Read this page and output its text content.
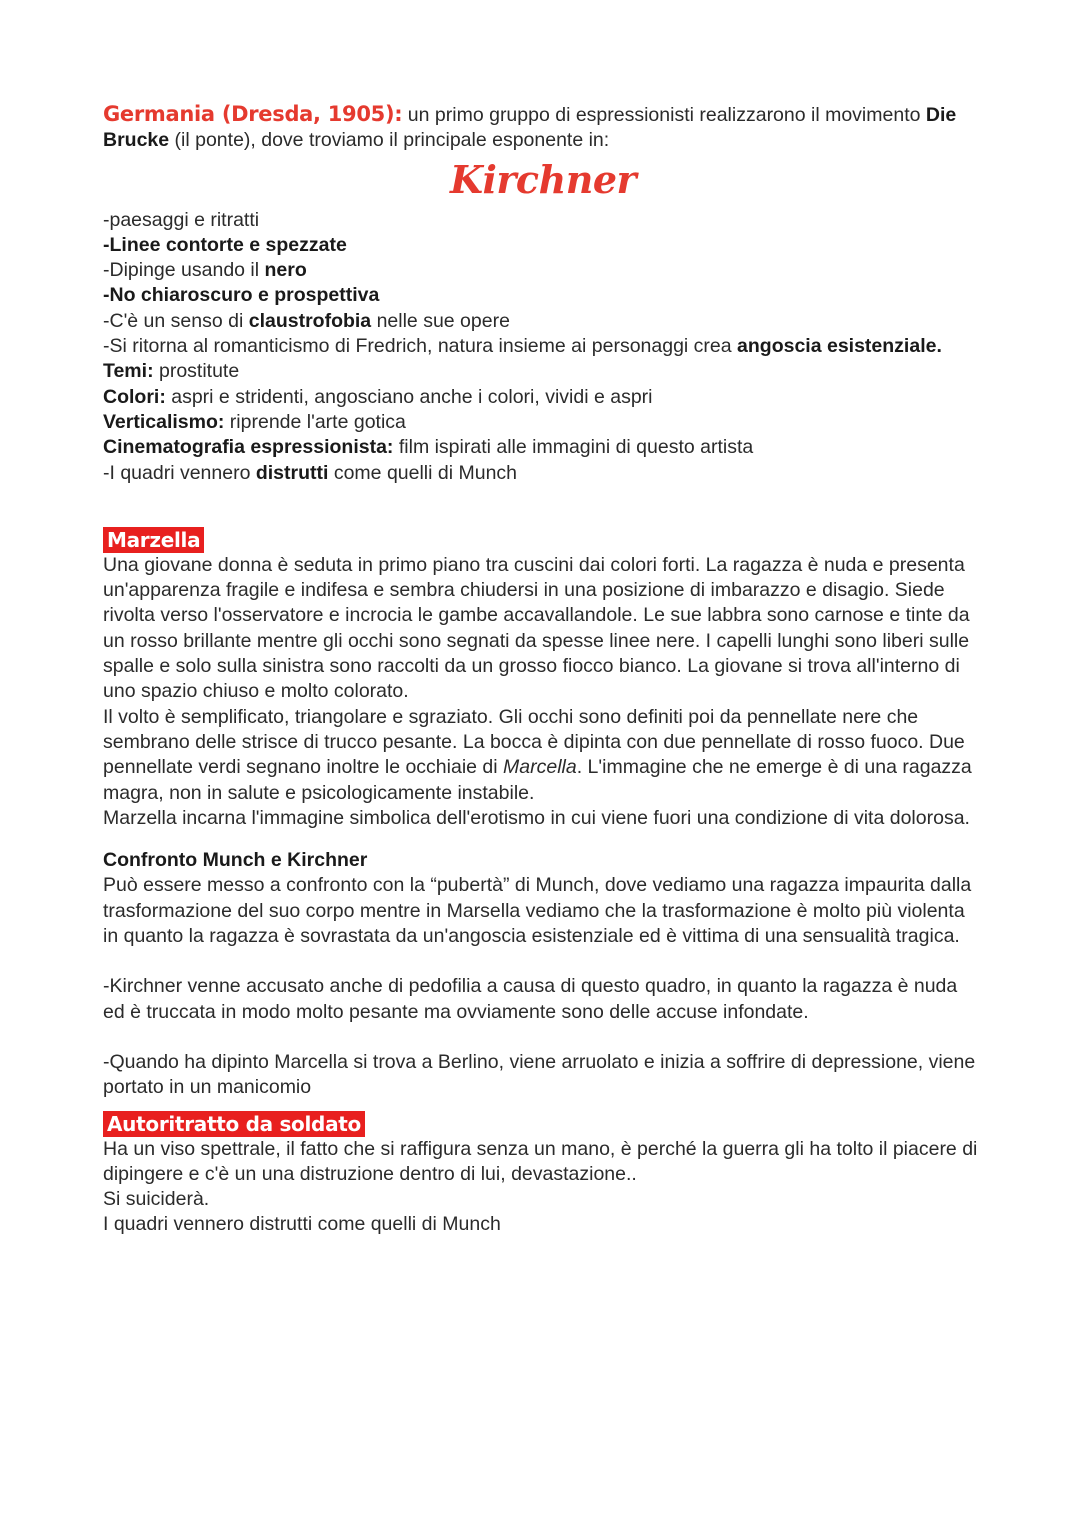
Germania (Dresda, 1905): un primo gruppo di espressionisti realizzarono il movimento Die
Brucke (il ponte), dove troviamo il principale esponente in:

Kirchner

-paesaggi e ritratti

-Linee contorte e spezzate

-Dipinge usando il nero

-No chiaroscuro e prospettiva

-C'è un senso di claustrofobia nelle sue opere

-Si ritorna al romanticismo di Fredrich, natura insieme ai personaggi crea angoscia esistenziale.

Temi: prostitute

Colori: aspri e stridenti, angosciano anche i colori, vividi e aspri

Verticalismo: riprende l'arte gotica

Cinematografia espressionista: film ispirati alle immagini di questo artista

-I quadri vennero distrutti come quelli di Munch

Marzella

Una giovane donna è seduta in primo piano tra cuscini dai colori forti. La ragazza è nuda e presenta un'apparenza fragile e indifesa e sembra chiudersi in una posizione di imbarazzo e disagio. Siede rivolta verso l'osservatore e incrocia le gambe accavallandole. Le sue labbra sono carnose e tinte da un rosso brillante mentre gli occhi sono segnati da spesse linee nere. I capelli lunghi sono liberi sulle spalle e solo sulla sinistra sono raccolti da un grosso fiocco bianco. La giovane si trova all'interno di uno spazio chiuso e molto colorato.

Il volto è semplificato, triangolare e sgraziato. Gli occhi sono definiti poi da pennellate nere che sembrano delle strisce di trucco pesante. La bocca è dipinta con due pennellate di rosso fuoco. Due pennellate verdi segnano inoltre le occhiaie di Marcella. L'immagine che ne emerge è di una ragazza magra, non in salute e psicologicamente instabile.

Marzella incarna l'immagine simbolica dell'erotismo in cui viene fuori una condizione di vita dolorosa.

Confronto Munch e Kirchner

Può essere messo a confronto con la “pubertà” di Munch, dove vediamo una ragazza impaurita dalla trasformazione del suo corpo mentre in Marsella vediamo che la trasformazione è molto più violenta in quanto la ragazza è sovrastata da un'angoscia esistenziale ed è vittima di una sensualità tragica.

-Kirchner venne accusato anche di pedofilia a causa di questo quadro, in quanto la ragazza è nuda ed è truccata in modo molto pesante ma ovviamente sono delle accuse infondate.

-Quando ha dipinto Marcella si trova a Berlino, viene arruolato e inizia a soffrire di depressione, viene portato in un manicomio

Autoritratto da soldato

Ha un viso spettrale, il fatto che si raffigura senza un mano, è perché la guerra gli ha tolto il piacere di dipingere e c'è un una distruzione dentro di lui, devastazione..

Si suiciderà.

I quadri vennero distrutti come quelli di Munch
